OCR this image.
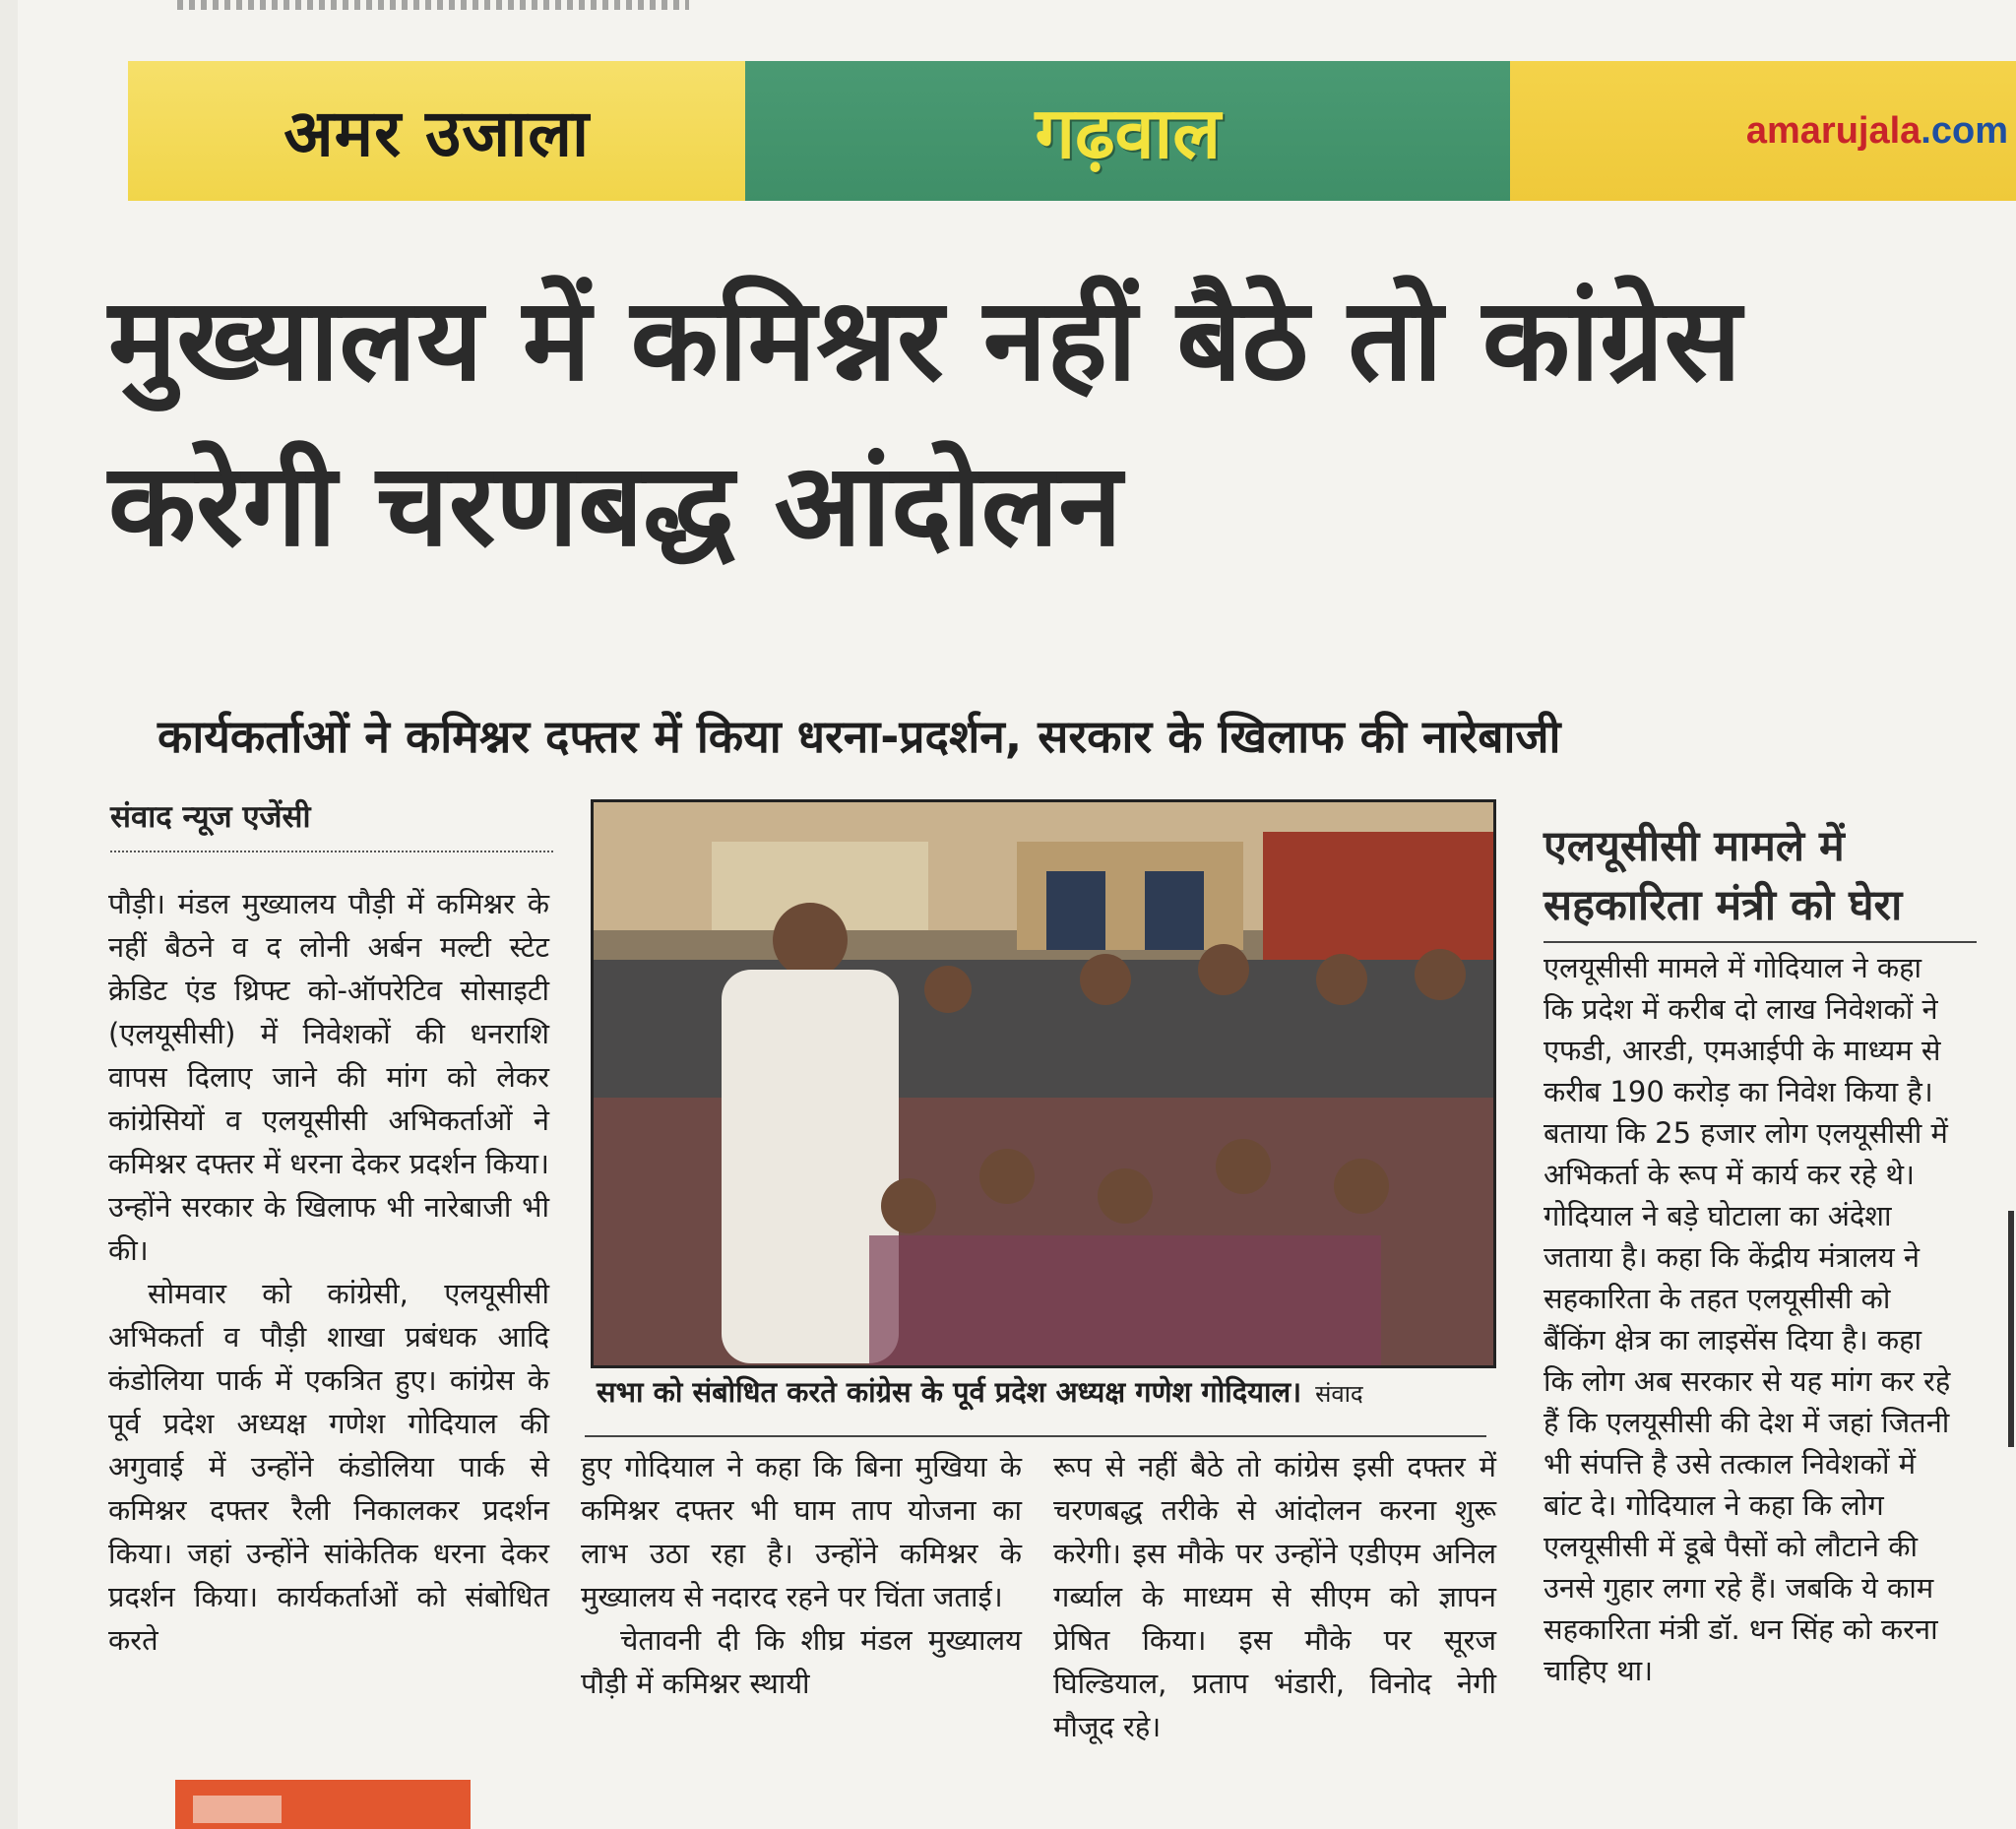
अमर उजाला	गढ़वाल	amarujala.com
मुख्यालय में कमिश्नर नहीं बैठे तो कांग्रेस करेगी चरणबद्ध आंदोलन
कार्यकर्ताओं ने कमिश्नर दफ्तर में किया धरना-प्रदर्शन, सरकार के खिलाफ की नारेबाजी
संवाद न्यूज एजेंसी

पौड़ी। मंडल मुख्यालय पौड़ी में कमिश्नर के नहीं बैठने व द लोनी अर्बन मल्टी स्टेट क्रेडिट एंड थ्रिफ्ट को-ऑपरेटिव सोसाइटी (एलयूसीसी) में निवेशकों की धनराशि वापस दिलाए जाने की मांग को लेकर कांग्रेसियों व एलयूसीसी अभिकर्ताओं ने कमिश्नर दफ्तर में धरना देकर प्रदर्शन किया। उन्होंने सरकार के खिलाफ भी नारेबाजी भी की।

सोमवार को कांग्रेसी, एलयूसीसी अभिकर्ता व पौड़ी शाखा प्रबंधक आदि कंडोलिया पार्क में एकत्रित हुए। कांग्रेस के पूर्व प्रदेश अध्यक्ष गणेश गोदियाल की अगुवाई में उन्होंने कंडोलिया पार्क से कमिश्नर दफ्तर रैली निकालकर प्रदर्शन किया। जहां उन्होंने सांकेतिक धरना देकर प्रदर्शन किया। कार्यकर्ताओं को संबोधित करते

सभा को संबोधित करते कांग्रेस के पूर्व प्रदेश अध्यक्ष गणेश गोदियाल। संवाद

हुए गोदियाल ने कहा कि बिना मुखिया के कमिश्नर दफ्तर भी घाम ताप योजना का लाभ उठा रहा है। उन्होंने कमिश्नर के मुख्यालय से नदारद रहने पर चिंता जताई।

चेतावनी दी कि शीघ्र मंडल मुख्यालय पौड़ी में कमिश्नर स्थायी

रूप से नहीं बैठे तो कांग्रेस इसी दफ्तर में चरणबद्ध तरीके से आंदोलन करना शुरू करेगी। इस मौके पर उन्होंने एडीएम अनिल गर्ब्याल के माध्यम से सीएम को ज्ञापन प्रेषित किया। इस मौके पर सूरज घिल्डियाल, प्रताप भंडारी, विनोद नेगी मौजूद रहे।

एलयूसीसी मामले में सहकारिता मंत्री को घेरा

एलयूसीसी मामले में गोदियाल ने कहा कि प्रदेश में करीब दो लाख निवेशकों ने एफडी, आरडी, एमआईपी के माध्यम से करीब 190 करोड़ का निवेश किया है। बताया कि 25 हजार लोग एलयूसीसी में अभिकर्ता के रूप में कार्य कर रहे थे। गोदियाल ने बड़े घोटाला का अंदेशा जताया है। कहा कि केंद्रीय मंत्रालय ने सहकारिता के तहत एलयूसीसी को बैंकिंग क्षेत्र का लाइसेंस दिया है। कहा कि लोग अब सरकार से यह मांग कर रहे हैं कि एलयूसीसी की देश में जहां जितनी भी संपत्ति है उसे तत्काल निवेशकों में बांट दे। गोदियाल ने कहा कि लोग एलयूसीसी में डूबे पैसों को लौटाने की उनसे गुहार लगा रहे हैं। जबकि ये काम सहकारिता मंत्री डॉ. धन सिंह को करना चाहिए था।
